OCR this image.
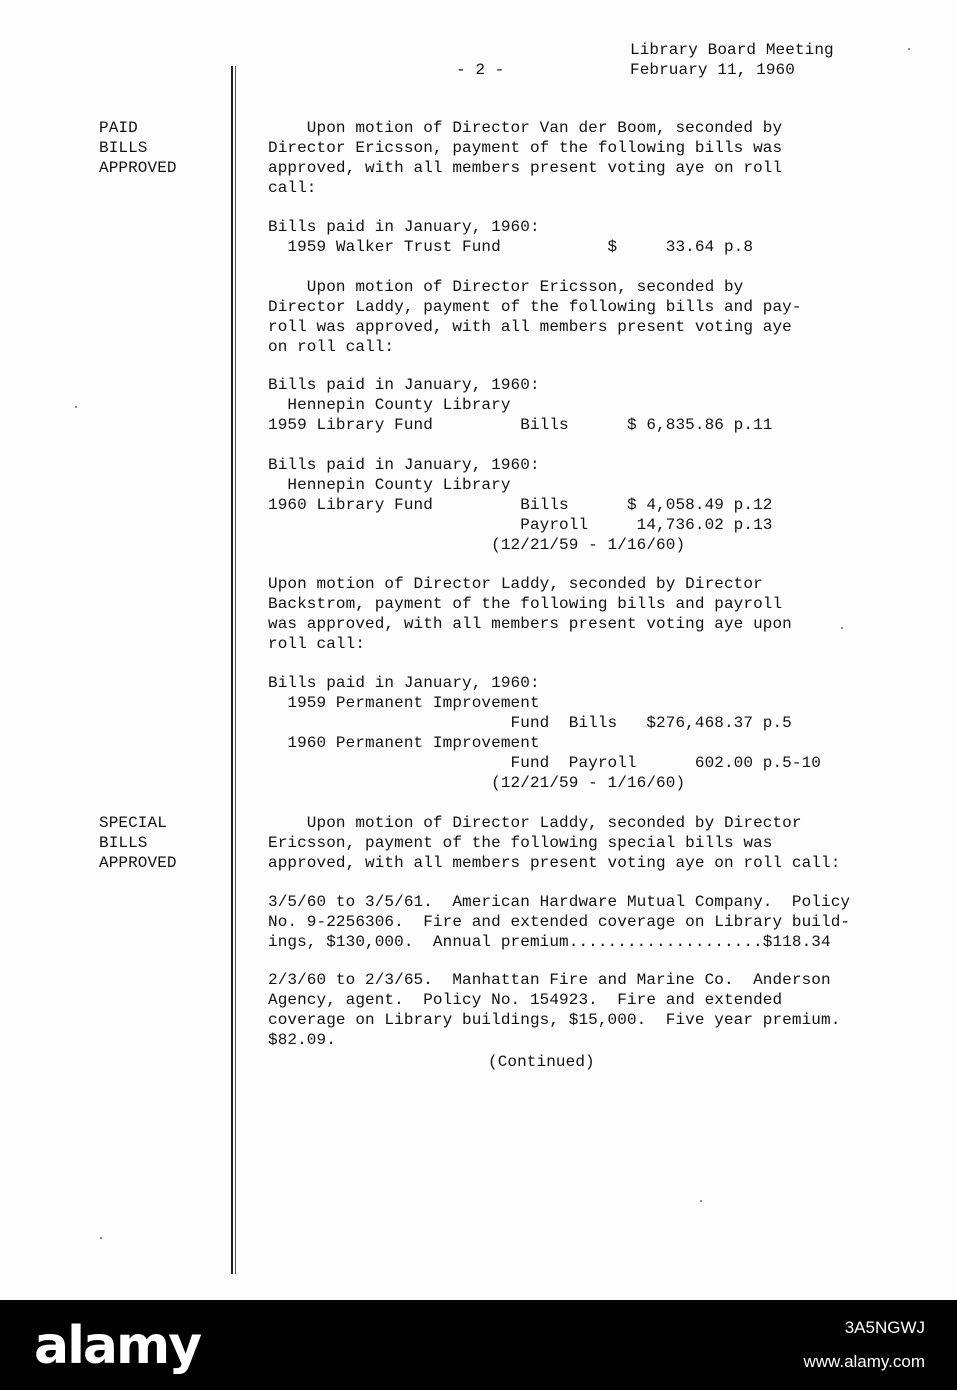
- 2 -
Library Board Meeting
February 11, 1960
PAID
BILLS
APPROVED
SPECIAL
BILLS
APPROVED
Upon motion of Director Van der Boom, seconded by
Director Ericsson, payment of the following bills was
approved, with all members present voting aye on roll
call:
Bills paid in January, 1960:
1959 Walker Trust Fund           $     33.64 p.8
Upon motion of Director Ericsson, seconded by
Director Laddy, payment of the following bills and pay-
roll was approved, with all members present voting aye
on roll call:
Bills paid in January, 1960:
Hennepin County Library
1959 Library Fund         Bills      $ 6,835.86 p.11
Bills paid in January, 1960:
Hennepin County Library
1960 Library Fund         Bills      $ 4,058.49 p.12
Payroll     14,736.02 p.13
(12/21/59 - 1/16/60)
Upon motion of Director Laddy, seconded by Director
Backstrom, payment of the following bills and payroll
was approved, with all members present voting aye upon
roll call:
Bills paid in January, 1960:
1959 Permanent Improvement
Fund  Bills   $276,468.37 p.5
1960 Permanent Improvement
Fund  Payroll      602.00 p.5-10
(12/21/59 - 1/16/60)
Upon motion of Director Laddy, seconded by Director
Ericsson, payment of the following special bills was
approved, with all members present voting aye on roll call:
3/5/60 to 3/5/61.  American Hardware Mutual Company.  Policy
No. 9-2256306.  Fire and extended coverage on Library build-
ings, $130,000.  Annual premium....................$118.34
2/3/60 to 2/3/65.  Manhattan Fire and Marine Co.  Anderson
Agency, agent.  Policy No. 154923.  Fire and extended
coverage on Library buildings, $15,000.  Five year premium.
$82.09.
(Continued)
alamy	3A5NGWJ
www.alamy.com
